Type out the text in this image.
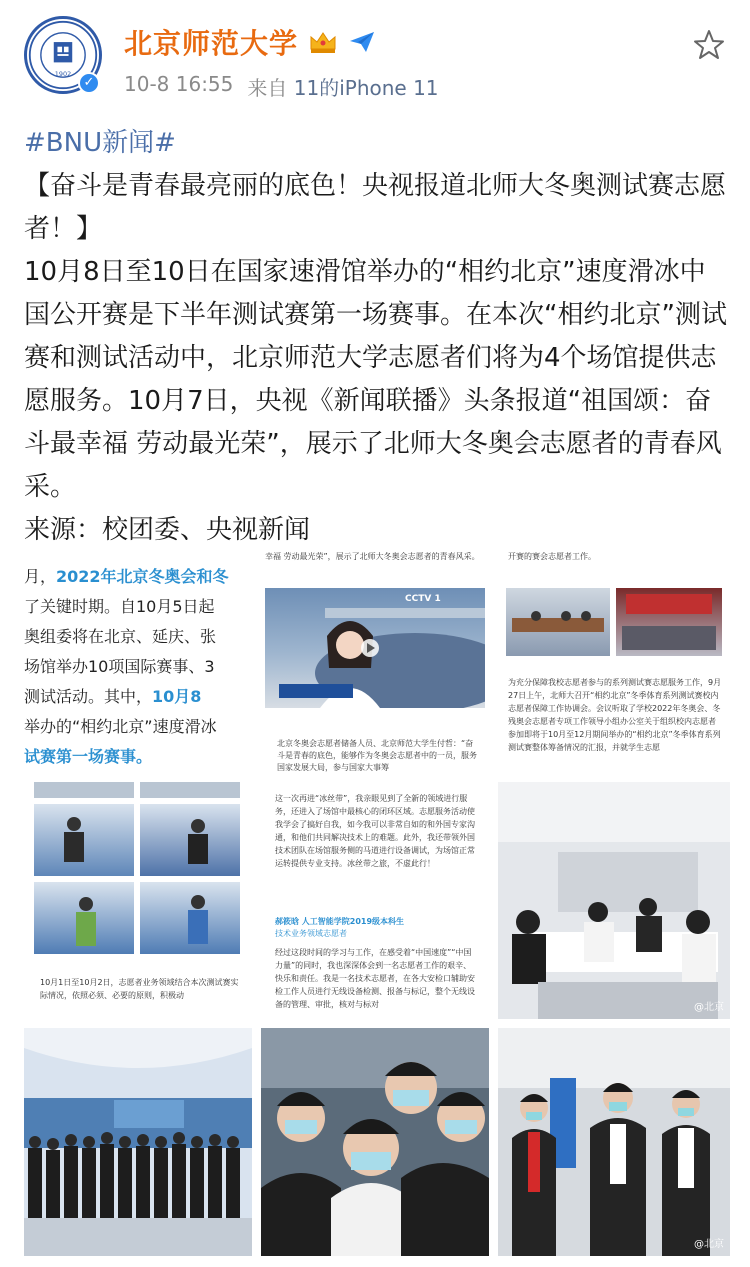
1902
✓
北京师范大学
10-8 16:55 来自 11的iPhone 11
#BNU新闻#

【奋斗是青春最亮丽的底色！央视报道北师大冬奥测试赛志愿者！】

10月8日至10日在国家速滑馆举办的“相约北京”速度滑冰中国公开赛是下半年测试赛第一场赛事。在本次“相约北京”测试赛和测试活动中，北京师范大学志愿者们将为4个场馆提供志愿服务。10月7日，央视《新闻联播》头条报道“祖国颂：奋斗最幸福 劳动最光荣”，展示了北师大冬奥会志愿者的青春风采。

来源：校团委、央视新闻

月，2022年北京冬奥会和冬
了关键时期。自10月5日起
奥组委将在北京、延庆、张
场馆举办10项国际赛事、3
测试活动。其中，10月8
举办的“相约北京”速度滑冰
试赛第一场赛事。
幸福 劳动最光荣”，展示了北师大冬奥会志愿者的青春风采。
CCTV 1
北京冬奥会志愿者储备人员、北京师范大学生付哲：“奋斗是青春的底色，能够作为冬奥会志愿者中的一员，服务国家发展大局，参与国家大事筹
开赛的赛会志愿者工作。
为充分保障我校志愿者参与的系列测试赛志愿服务工作，9月27日上午，北师大召开“相约北京”冬季体育系列测试赛校内志愿者保障工作协调会。会议听取了学校2022年冬奥会、冬残奥会志愿者专项工作领导小组办公室关于组织校内志愿者参加即将于10月至12月期间举办的“相约北京”冬季体育系列测试赛整体筹备情况的汇报，并就学生志愿
10月1日至10月2日，志愿者业务领域结合本次测试赛实际情况，依照必须、必要的原则，积极动
这一次再进“冰丝带”，我亲眼见到了全新的领域进行服务，还进入了场馆中最核心的闭环区域。志愿服务活动使我学会了搞好自我，如今我可以非常自如的和外国专家沟通，和他们共同解决技术上的难题。此外，我还带领外国技术团队在场馆服务侧的马道进行设备调试，为场馆正常运转提供专业支持。冰丝带之旅，不虚此行！
郝筱晗 人工智能学院2019级本科生
技术业务领域志愿者
经过这段时间的学习与工作，在感受着“中国速度”“中国力量”的同时，我也深深体会到一名志愿者工作的艰辛、快乐和责任。我是一名技术志愿者，在各大安检口辅助安检工作人员进行无线设备检测、报备与标记，整个无线设备的管理、审批，核对与标对	@北京
@北京
